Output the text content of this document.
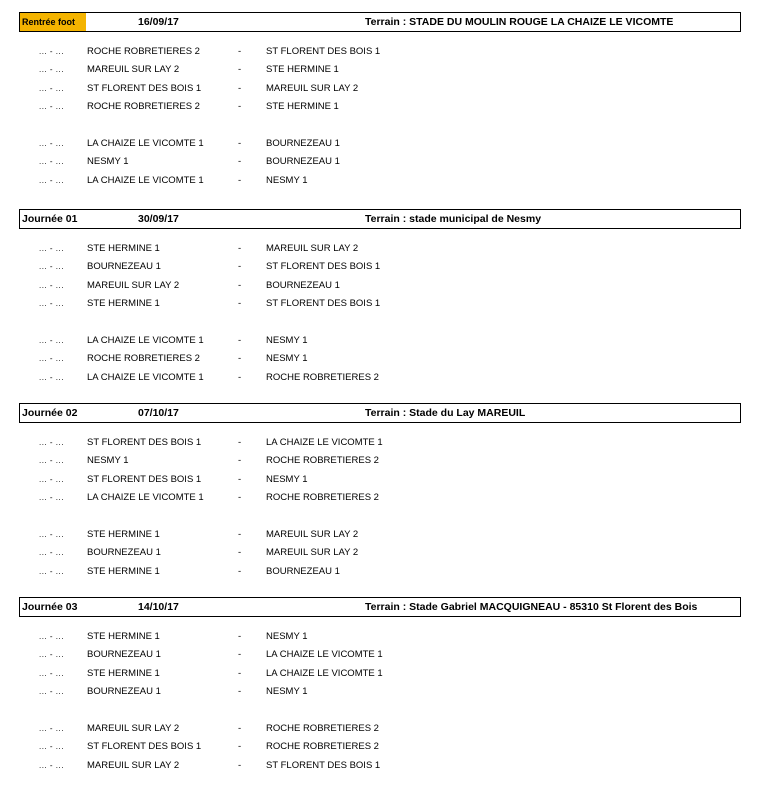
Rentrée foot	16/09/17	Terrain : STADE DU MOULIN ROUGE LA CHAIZE LE VICOMTE
... - ... ROCHE ROBRETIERES 2	-	ST FLORENT DES BOIS 1
... - ... MAREUIL SUR LAY 2	-	STE HERMINE 1
... - ... ST FLORENT DES BOIS 1	-	MAREUIL SUR LAY 2
... - ... ROCHE ROBRETIERES 2	-	STE HERMINE 1
... - ... LA CHAIZE LE VICOMTE 1	-	BOURNEZEAU 1
... - ... NESMY 1	-	BOURNEZEAU 1
... - ... LA CHAIZE LE VICOMTE 1	-	NESMY 1
Journée 01	30/09/17	Terrain : stade municipal de Nesmy
... - ... STE HERMINE 1	-	MAREUIL SUR LAY 2
... - ... BOURNEZEAU 1	-	ST FLORENT DES BOIS 1
... - ... MAREUIL SUR LAY 2	-	BOURNEZEAU 1
... - ... STE HERMINE 1	-	ST FLORENT DES BOIS 1
... - ... LA CHAIZE LE VICOMTE 1	-	NESMY 1
... - ... ROCHE ROBRETIERES 2	-	NESMY 1
... - ... LA CHAIZE LE VICOMTE 1	-	ROCHE ROBRETIERES 2
Journée 02	07/10/17	Terrain : Stade du Lay MAREUIL
... - ... ST FLORENT DES BOIS 1	-	LA CHAIZE LE VICOMTE 1
... - ... NESMY 1	-	ROCHE ROBRETIERES 2
... - ... ST FLORENT DES BOIS 1	-	NESMY 1
... - ... LA CHAIZE LE VICOMTE 1	-	ROCHE ROBRETIERES 2
... - ... STE HERMINE 1	-	MAREUIL SUR LAY 2
... - ... BOURNEZEAU 1	-	MAREUIL SUR LAY 2
... - ... STE HERMINE 1	-	BOURNEZEAU 1
Journée 03	14/10/17	Terrain : Stade Gabriel MACQUIGNEAU - 85310 St Florent des Bois
... - ... STE HERMINE 1	-	NESMY 1
... - ... BOURNEZEAU 1	-	LA CHAIZE LE VICOMTE 1
... - ... STE HERMINE 1	-	LA CHAIZE LE VICOMTE 1
... - ... BOURNEZEAU 1	-	NESMY 1
... - ... MAREUIL SUR LAY 2	-	ROCHE ROBRETIERES 2
... - ... ST FLORENT DES BOIS 1	-	ROCHE ROBRETIERES 2
... - ... MAREUIL SUR LAY 2	-	ST FLORENT DES BOIS 1
